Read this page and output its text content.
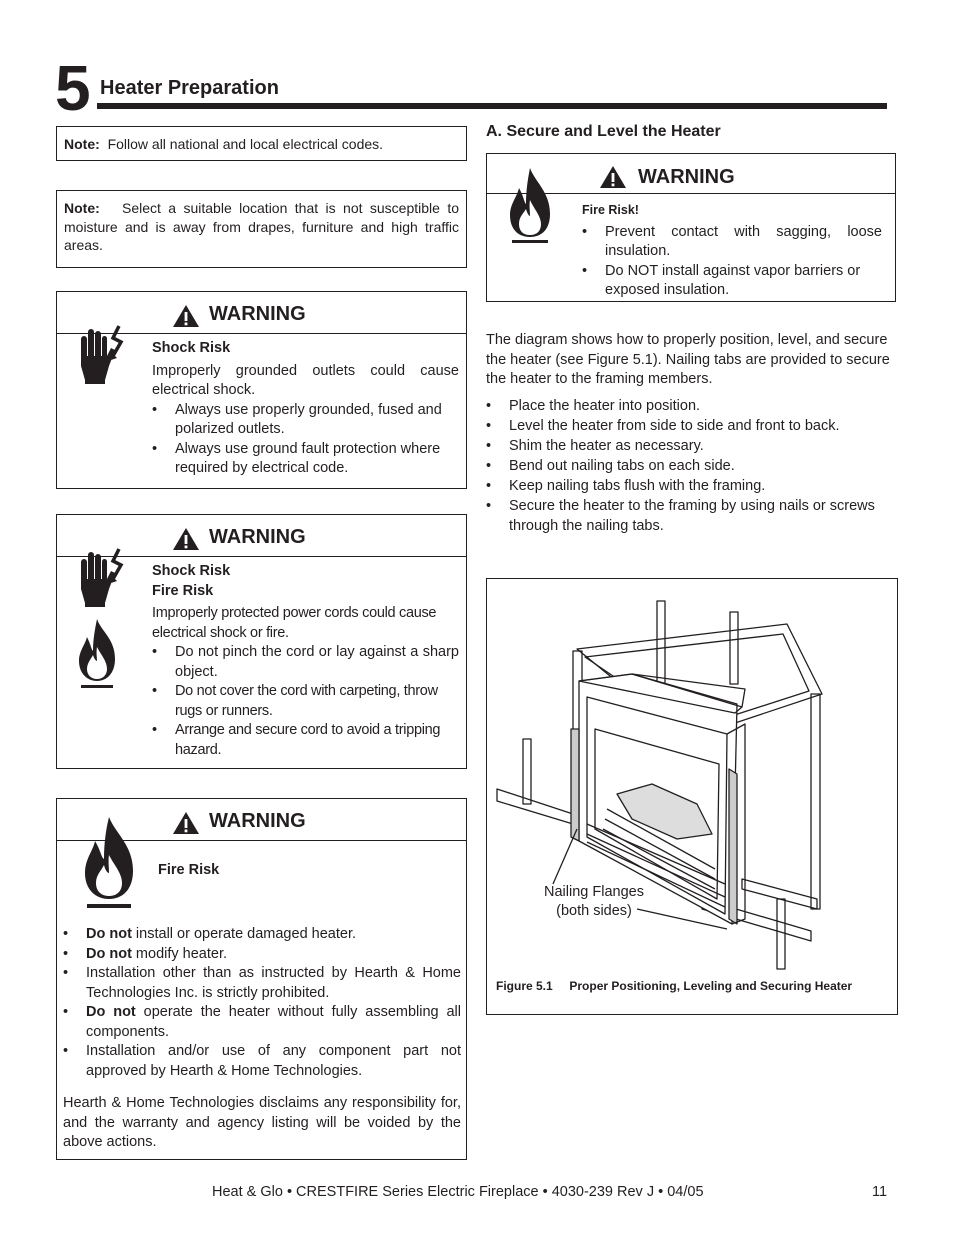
5 Heater Preparation
Note: Follow all national and local electrical codes.
Note: Select a suitable location that is not susceptible to moisture and is away from drapes, furniture and high traffic areas.
WARNING
Shock Risk
Improperly grounded outlets could cause electrical shock.
• Always use properly grounded, fused and polarized outlets.
• Always use ground fault protection where required by electrical code.
WARNING
Shock Risk
Fire Risk
Improperly protected power cords could cause electrical shock or fire.
• Do not pinch the cord or lay against a sharp object.
• Do not cover the cord with carpeting, throw rugs or runners.
• Arrange and secure cord to avoid a tripping hazard.
WARNING
Fire Risk
• Do not install or operate damaged heater.
• Do not modify heater.
• Installation other than as instructed by Hearth & Home Technologies Inc. is strictly prohibited.
• Do not operate the heater without fully assembling all components.
• Installation and/or use of any component part not approved by Hearth & Home Technologies.
Hearth & Home Technologies disclaims any responsibility for, and the warranty and agency listing will be voided by the above actions.
A. Secure and Level the Heater
WARNING
Fire Risk!
• Prevent contact with sagging, loose insulation.
• Do NOT install against vapor barriers or exposed insulation.
The diagram shows how to properly position, level, and secure the heater (see Figure 5.1). Nailing tabs are provided to secure the heater to the framing members.
• Place the heater into position.
• Level the heater from side to side and front to back.
• Shim the heater as necessary.
• Bend out nailing tabs on each side.
• Keep nailing tabs flush with the framing.
• Secure the heater to the framing by using nails or screws through the nailing tabs.
Nailing Flanges
(both sides)
Figure 5.1 Proper Positioning, Leveling and Securing Heater
Heat & Glo • CRESTFIRE Series Electric Fireplace • 4030-239 Rev J • 04/05	11
